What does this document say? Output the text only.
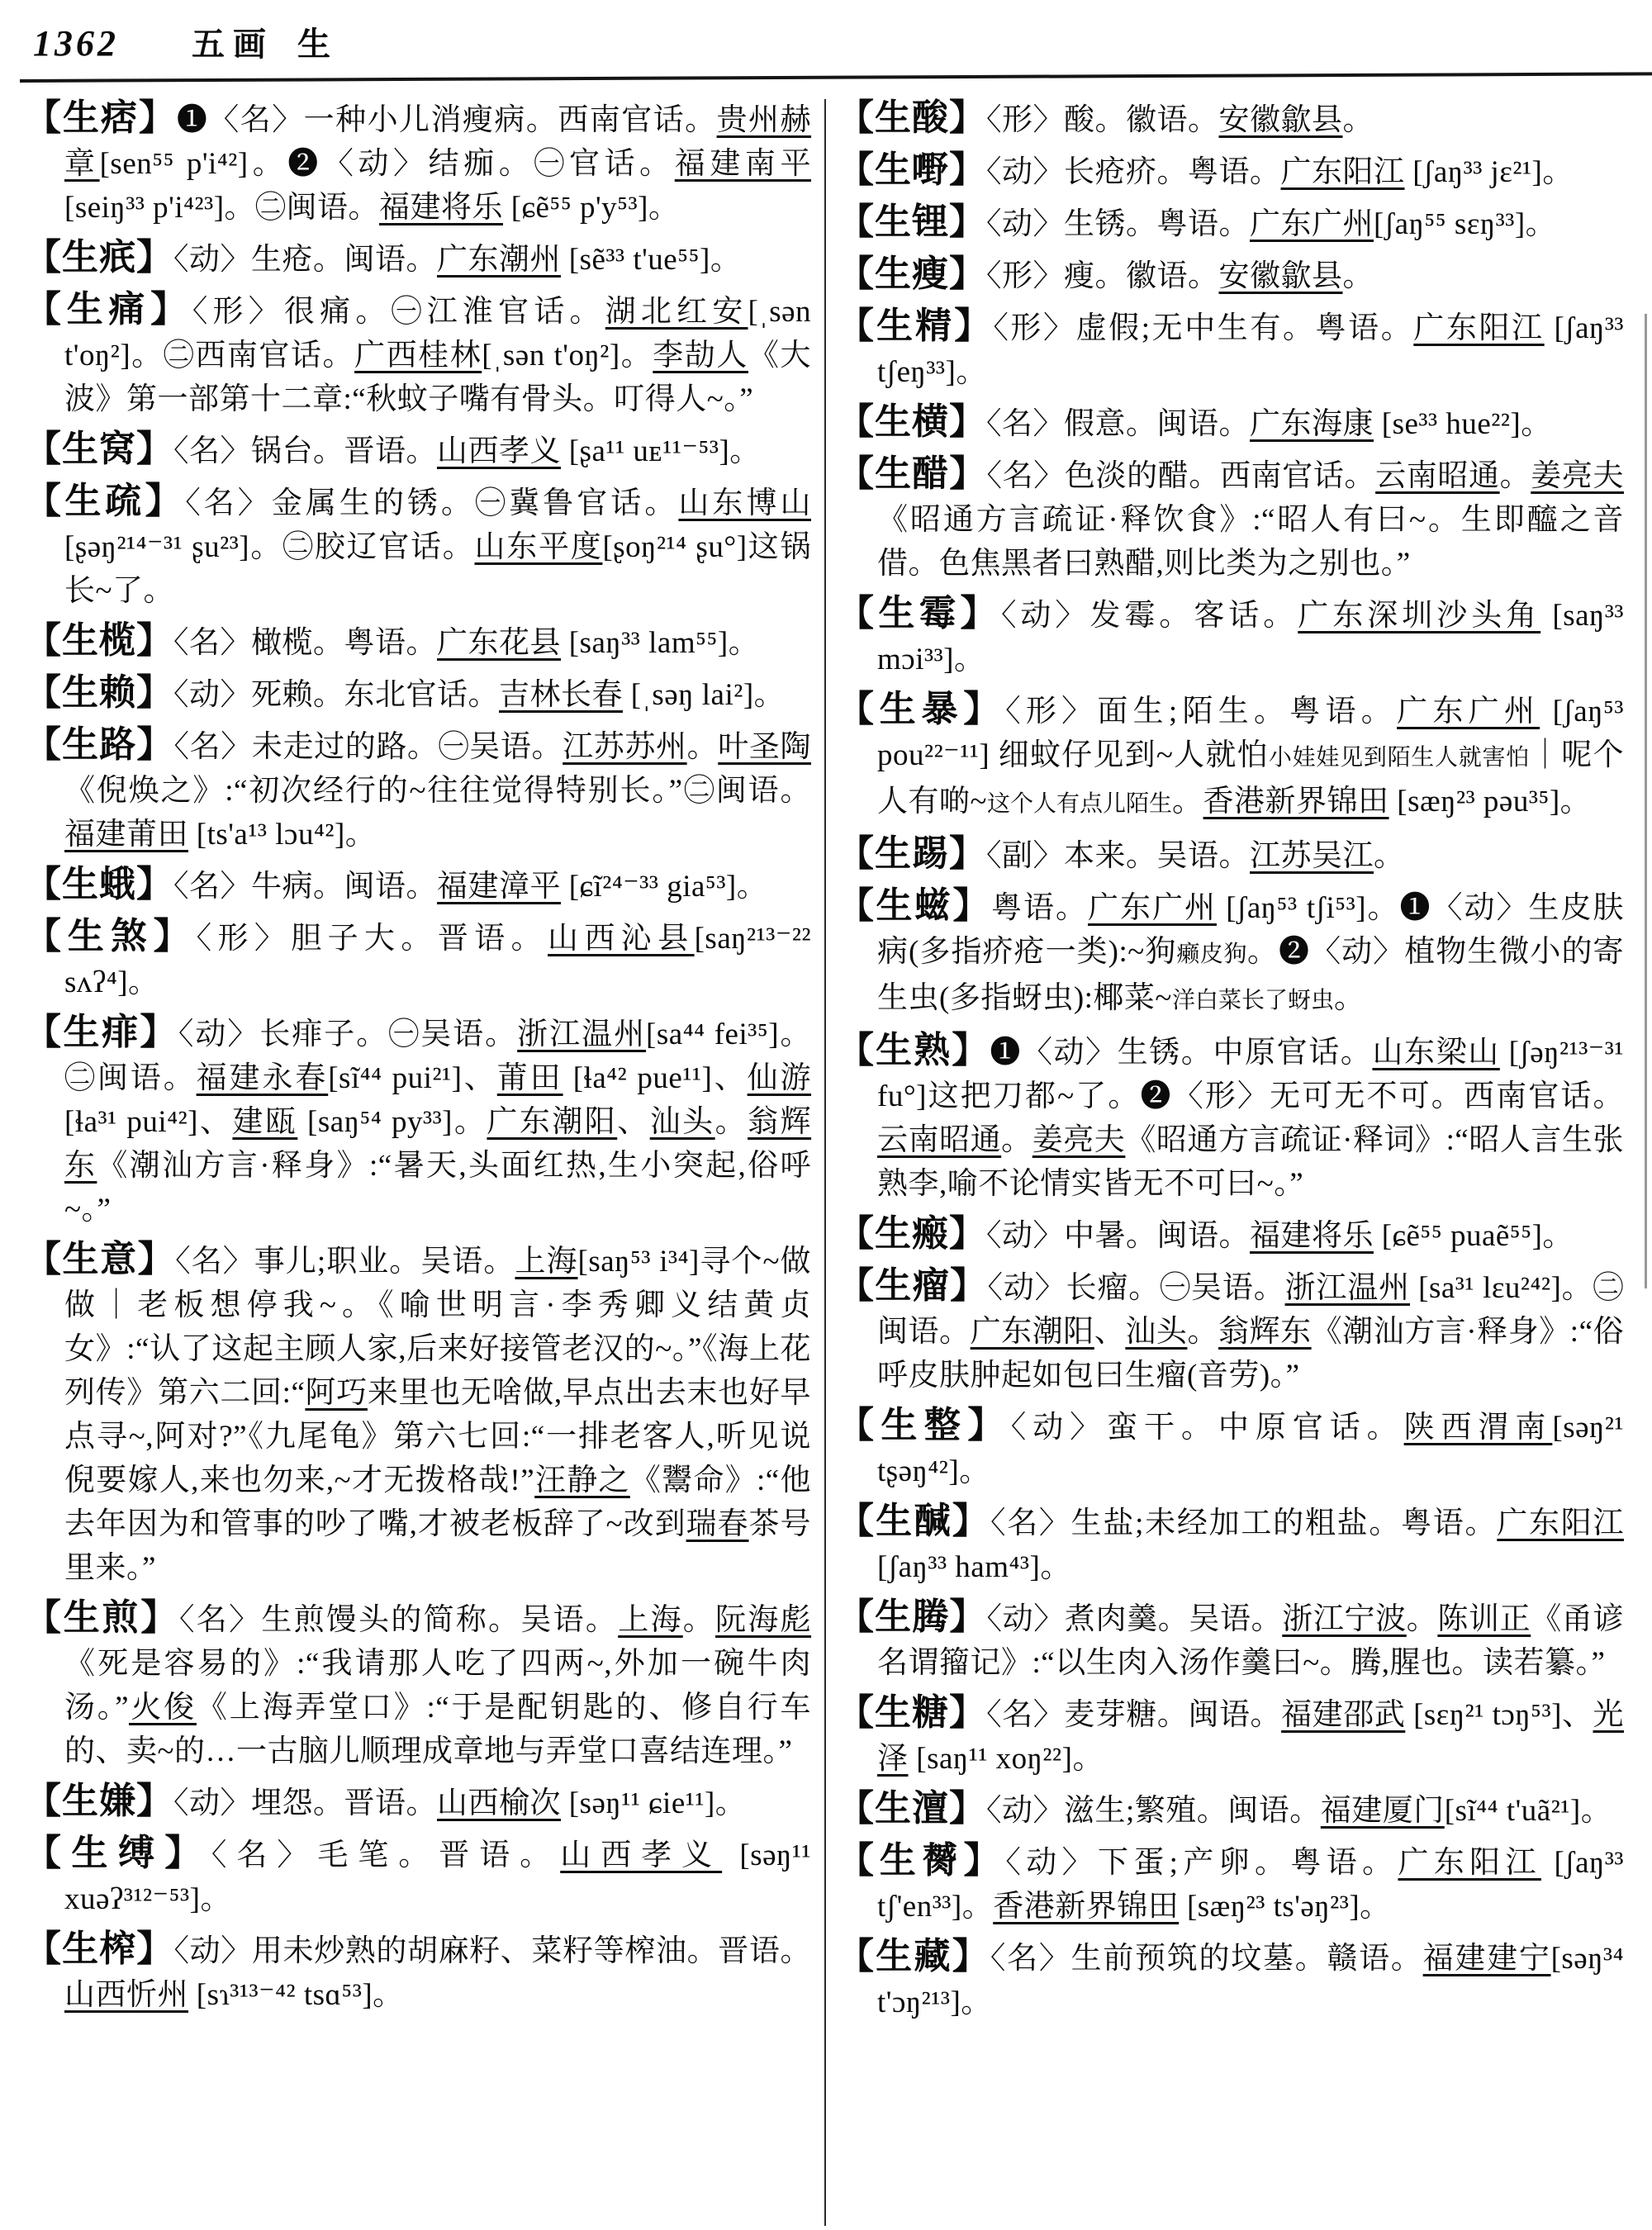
1362 五画 生
【生痞】❶〈名〉一种小儿消瘦病。西南官话。贵州赫章[sen⁵⁵ p'i⁴²]。❷〈动〉结痂。㊀官话。福建南平[seiŋ³³ p'i⁴²³]。㊁闽语。福建将乐 [ɕẽ⁵⁵ p'y⁵³]。
【生疧】〈动〉生疮。闽语。广东潮州 [sẽ³³ t'ue⁵⁵]。
【生痛】〈形〉很痛。㊀江淮官话。湖北红安[ˌsən t'oŋ²]。㊁西南官话。广西桂林[ˌsən t'oŋ²]。李劼人《大波》第一部第十二章:“秋蚊子嘴有骨头。叮得人~。”
【生窝】〈名〉锅台。晋语。山西孝义 [ʂa¹¹ uᴇ¹¹⁻⁵³]。
【生疏】〈名〉金属生的锈。㊀冀鲁官话。山东博山[ʂəŋ²¹⁴⁻³¹ ʂu²³]。㊁胶辽官话。山东平度[ʂoŋ²¹⁴ ʂu°]这锅长~了。
【生榄】〈名〉橄榄。粤语。广东花县 [saŋ³³ lam⁵⁵]。
【生赖】〈动〉死赖。东北官话。吉林长春 [ˌsəŋ lai²]。
【生路】〈名〉未走过的路。㊀吴语。江苏苏州。叶圣陶《倪焕之》:“初次经行的~往往觉得特别长。”㊁闽语。福建莆田 [ts'a¹³ lɔu⁴²]。
【生蛾】〈名〉牛病。闽语。福建漳平 [ɕĩ²⁴⁻³³ gia⁵³]。
【生煞】〈形〉胆子大。晋语。山西沁县[saŋ²¹³⁻²² sʌʔ⁴]。
【生痱】〈动〉长痱子。㊀吴语。浙江温州[sa⁴⁴ fei³⁵]。㊁闽语。福建永春[sĩ⁴⁴ pui²¹]、莆田 [ɬa⁴² pue¹¹]、仙游 [ɬa³¹ pui⁴²]、建瓯 [saŋ⁵⁴ py³³]。广东潮阳、汕头。翁辉东《潮汕方言·释身》:“暑天,头面红热,生小突起,俗呼~。”
【生意】〈名〉事儿;职业。吴语。上海[saŋ⁵³ i³⁴]寻个~做做｜老板想停我~。《喻世明言·李秀卿义结黄贞女》:“认了这起主顾人家,后来好接管老汉的~。”《海上花列传》第六二回:“阿巧来里也无啥做,早点出去末也好早点寻~,阿对?”《九尾龟》第六七回:“一排老客人,听见说倪要嫁人,来也勿来,~才无拨格哉!”汪静之《鬻命》:“他去年因为和管事的吵了嘴,才被老板辞了~改到瑞春茶号里来。”
【生煎】〈名〉生煎馒头的简称。吴语。上海。阮海彪《死是容易的》:“我请那人吃了四两~,外加一碗牛肉汤。”火俊《上海弄堂口》:“于是配钥匙的、修自行车的、卖~的…一古脑儿顺理成章地与弄堂口喜结连理。”
【生嫌】〈动〉埋怨。晋语。山西榆次 [səŋ¹¹ ɕie¹¹]。
【生缚】〈名〉毛笔。晋语。山西孝义 [səŋ¹¹ xuəʔ³¹²⁻⁵³]。
【生榨】〈动〉用未炒熟的胡麻籽、菜籽等榨油。晋语。山西忻州 [sɿ³¹³⁻⁴² tsɑ⁵³]。
【生酸】〈形〉酸。徽语。安徽歙县。
【生嘢】〈动〉长疮疥。粤语。广东阳江 [ʃaŋ³³ jɛ²¹]。
【生锂】〈动〉生锈。粤语。广东广州[ʃaŋ⁵⁵ sɛŋ³³]。
【生瘦】〈形〉瘦。徽语。安徽歙县。
【生精】〈形〉虚假;无中生有。粤语。广东阳江 [ʃaŋ³³ tʃeŋ³³]。
【生横】〈名〉假意。闽语。广东海康 [se³³ hue²²]。
【生醋】〈名〉色淡的醋。西南官话。云南昭通。姜亮夫《昭通方言疏证·释饮食》:“昭人有曰~。生即醯之音借。色焦黑者曰熟醋,则比类为之别也。”
【生霉】〈动〉发霉。客话。广东深圳沙头角 [saŋ³³ mɔi³³]。
【生暴】〈形〉面生;陌生。粤语。广东广州 [ʃaŋ⁵³ pou²²⁻¹¹] 细蚊仔见到~人就怕小娃娃见到陌生人就害怕｜呢个人有啲~这个人有点儿陌生。香港新界锦田 [sæŋ²³ pəu³⁵]。
【生踢】〈副〉本来。吴语。江苏吴江。
【生螆】粤语。广东广州 [ʃaŋ⁵³ tʃi⁵³]。❶〈动〉生皮肤病(多指疥疮一类):~狗癞皮狗。❷〈动〉植物生微小的寄生虫(多指蚜虫):椰菜~洋白菜长了蚜虫。
【生熟】❶〈动〉生锈。中原官话。山东梁山 [ʃəŋ²¹³⁻³¹ fu°]这把刀都~了。❷〈形〉无可无不可。西南官话。云南昭通。姜亮夫《昭通方言疏证·释词》:“昭人言生张熟李,喻不论情实皆无不可曰~。”
【生瘢】〈动〉中暑。闽语。福建将乐 [ɕẽ⁵⁵ puaẽ⁵⁵]。
【生瘤】〈动〉长瘤。㊀吴语。浙江温州 [sa³¹ lɛu²⁴²]。㊁闽语。广东潮阳、汕头。翁辉东《潮汕方言·释身》:“俗呼皮肤肿起如包曰生瘤(音劳)。”
【生整】〈动〉蛮干。中原官话。陕西渭南[səŋ²¹ tʂəŋ⁴²]。
【生醎】〈名〉生盐;未经加工的粗盐。粤语。广东阳江 [ʃaŋ³³ ham⁴³]。
【生腾】〈动〉煮肉羹。吴语。浙江宁波。陈训正《甬谚名谓籀记》:“以生肉入汤作羹曰~。腾,腥也。读若纂。”
【生糖】〈名〉麦芽糖。闽语。福建邵武 [sɛŋ²¹ tɔŋ⁵³]、光泽 [saŋ¹¹ xoŋ²²]。
【生澶】〈动〉滋生;繁殖。闽语。福建厦门[sĩ⁴⁴ t'uã²¹]。
【生膥】〈动〉下蛋;产卵。粤语。广东阳江 [ʃaŋ³³ tʃ'en³³]。香港新界锦田 [sæŋ²³ ts'əŋ²³]。
【生藏】〈名〉生前预筑的坟墓。赣语。福建建宁[səŋ³⁴ t'ɔŋ²¹³]。
